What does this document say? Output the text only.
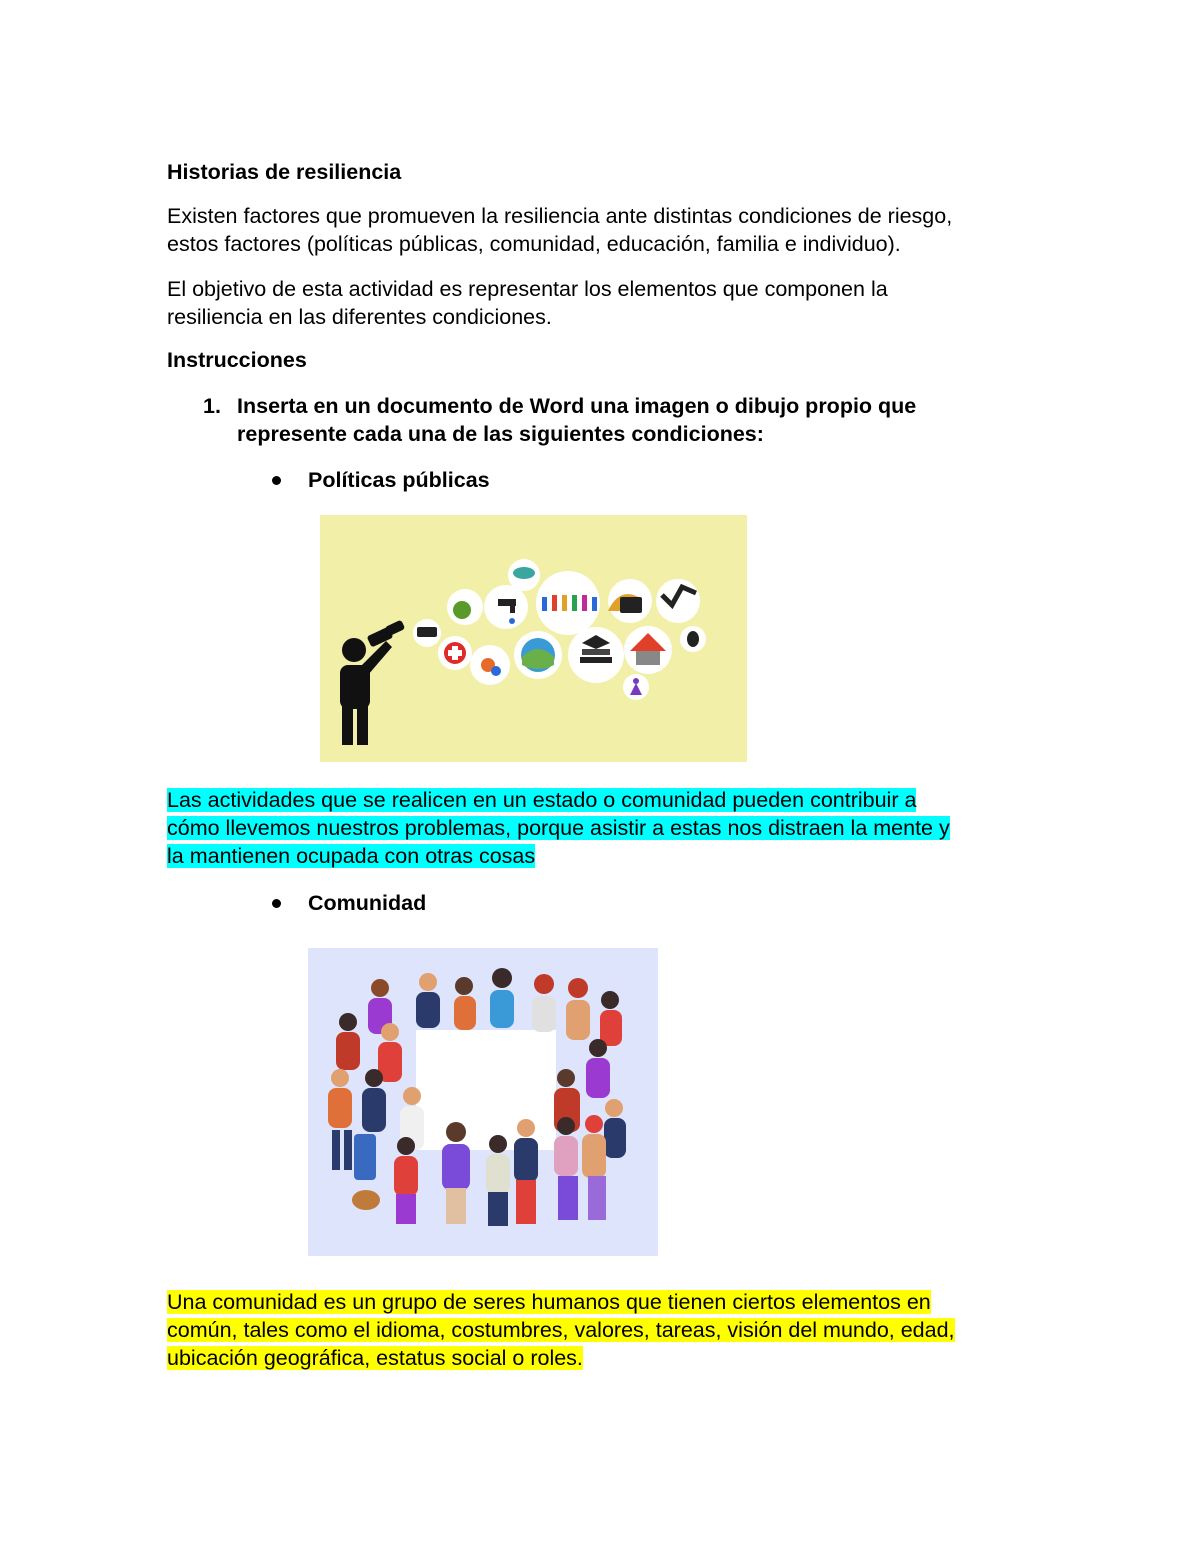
Historias de resiliencia
Existen factores que promueven la resiliencia ante distintas condiciones de riesgo,
estos factores (políticas públicas, comunidad, educación, familia e individuo).
El objetivo de esta actividad es representar los elementos que componen la
resiliencia en las diferentes condiciones.
Instrucciones
1. Inserta en un documento de Word una imagen o dibujo propio que
represente cada una de las siguientes condiciones:
Políticas públicas
Las actividades que se realicen en un estado o comunidad pueden contribuir a
cómo llevemos nuestros problemas, porque asistir a estas nos distraen la mente y
la mantienen ocupada con otras cosas
Comunidad
Una comunidad es un grupo de seres humanos que tienen ciertos elementos en
común, tales como el idioma, costumbres, valores, tareas, visión del mundo, edad,
ubicación geográfica, estatus social o roles.
